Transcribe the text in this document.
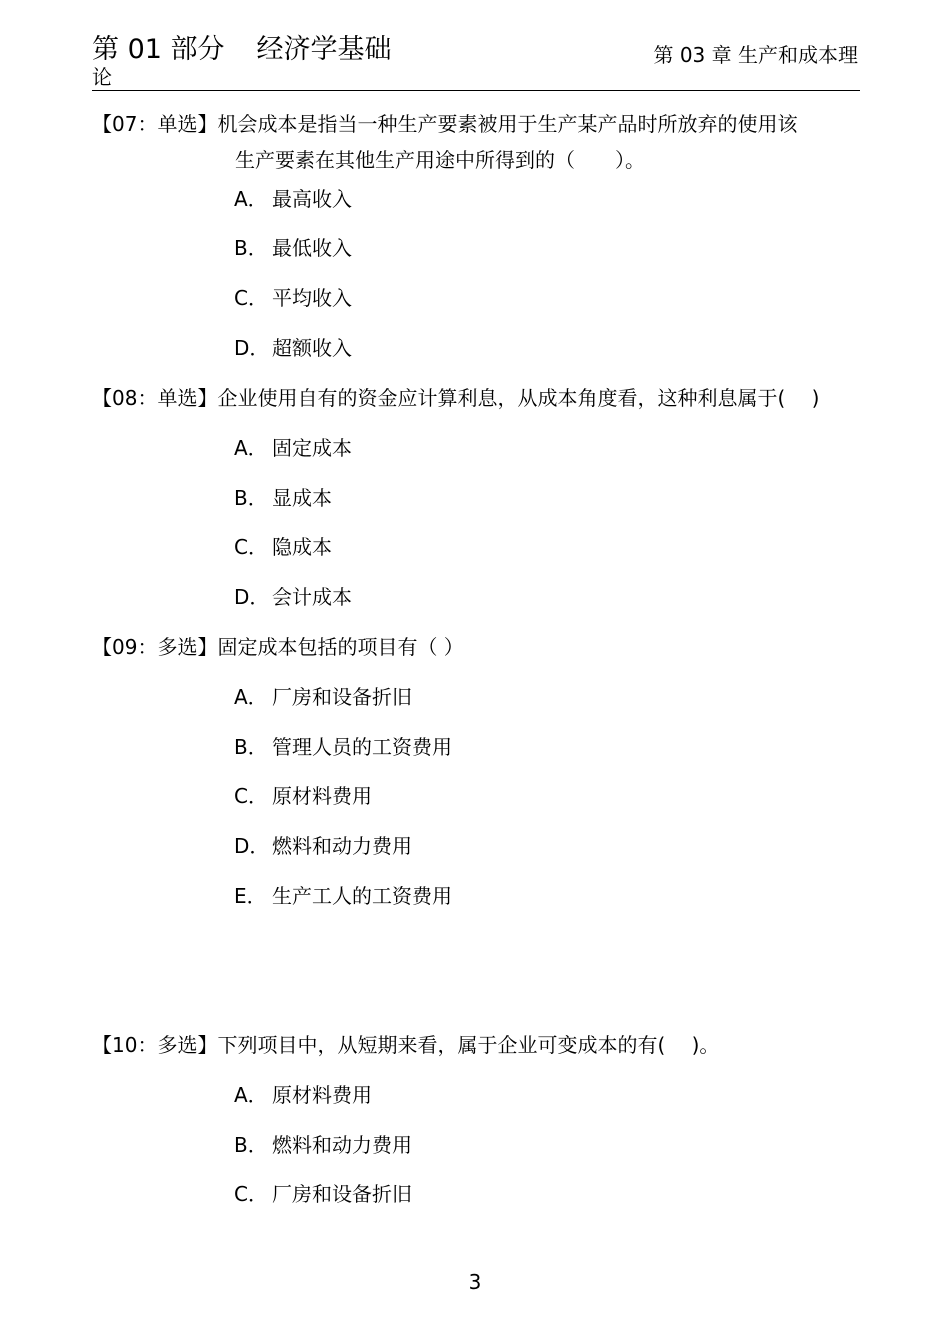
第 01 部分 经济学基础	第 03 章 生产和成本理
论
【07：单选】机会成本是指当一种生产要素被用于生产某产品时所放弃的使用该
生产要素在其他生产用途中所得到的（　　）。
A． 最高收入
B． 最低收入
C． 平均收入
D． 超额收入
【08：单选】企业使用自有的资金应计算利息，从成本角度看，这种利息属于(　 )
A． 固定成本
B． 显成本
C． 隐成本
D． 会计成本
【09：多选】固定成本包括的项目有（ ）
A． 厂房和设备折旧
B． 管理人员的工资费用
C． 原材料费用
D． 燃料和动力费用
E． 生产工人的工资费用
【10：多选】下列项目中，从短期来看，属于企业可变成本的有(　 )。
A． 原材料费用
B． 燃料和动力费用
C． 厂房和设备折旧
3
